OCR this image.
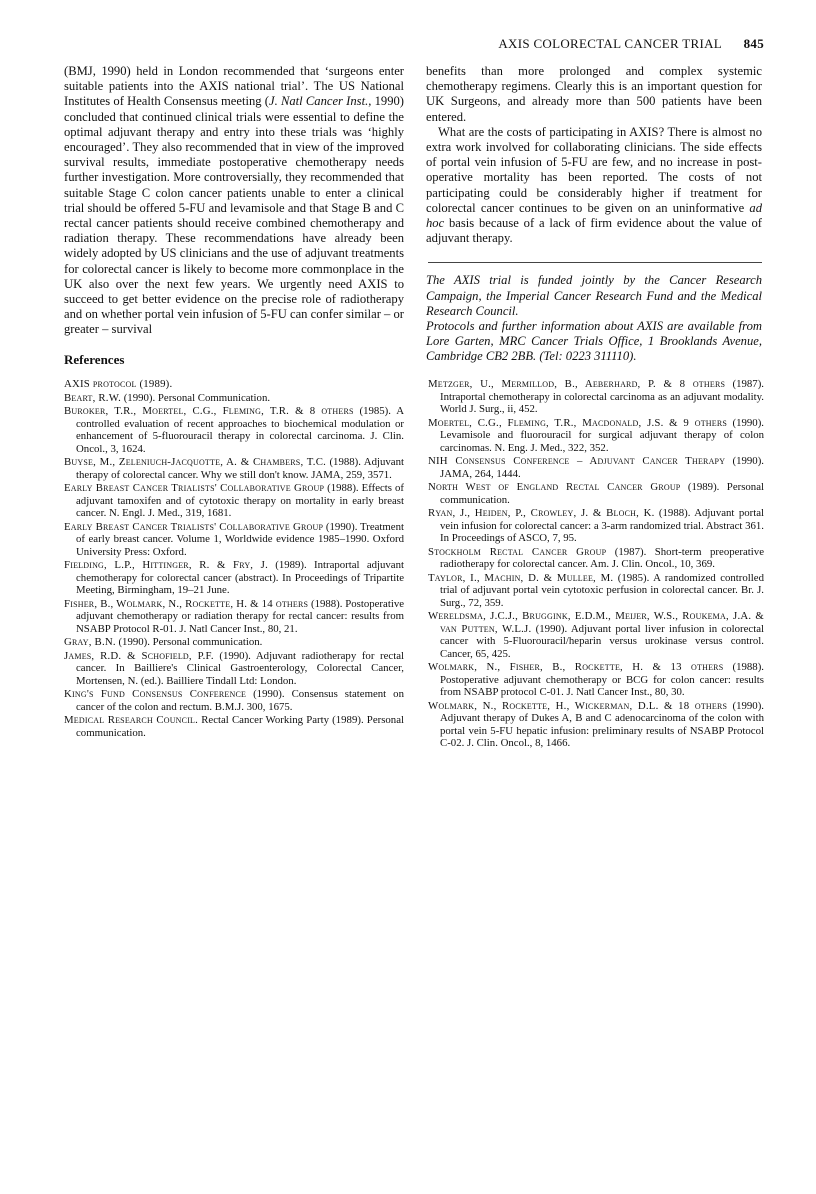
AXIS COLORECTAL CANCER TRIAL 845

(BMJ, 1990) held in London recommended that ‘surgeons enter suitable patients into the AXIS national trial’. The US National Institutes of Health Consensus meeting (J. Natl Cancer Inst., 1990) concluded that continued clinical trials were essential to define the optimal adjuvant therapy and entry into these trials was ‘highly encouraged’. They also recommended that in view of the improved survival results, immediate postoperative chemotherapy needs further investigation. More controversially, they recommended that suitable Stage C colon cancer patients unable to enter a clinical trial should be offered 5-FU and levamisole and that Stage B and C rectal cancer patients should receive combined chemotherapy and radiation therapy. These recommendations have already been widely adopted by US clinicians and the use of adjuvant treatments for colorectal cancer is likely to become more commonplace in the UK also over the next few years. We urgently need AXIS to succeed to get better evidence on the precise role of radiotherapy and on whether portal vein infusion of 5-FU can confer similar – or greater – survival

benefits than more prolonged and complex systemic chemotherapy regimens. Clearly this is an important question for UK Surgeons, and already more than 500 patients have been entered.

What are the costs of participating in AXIS? There is almost no extra work involved for collaborating clinicians. The side effects of portal vein infusion of 5-FU are few, and no increase in post-operative mortality has been reported. The costs of not participating could be considerably higher if treatment for colorectal cancer continues to be given on an uninformative ad hoc basis because of a lack of firm evidence about the value of adjuvant therapy.

The AXIS trial is funded jointly by the Cancer Research Campaign, the Imperial Cancer Research Fund and the Medical Research Council.

Protocols and further information about AXIS are available from Lore Garten, MRC Cancer Trials Office, 1 Brooklands Avenue, Cambridge CB2 2BB. (Tel: 0223 311110).

References
AXIS protocol (1989).
Beart, R.W. (1990). Personal Communication.
Buroker, T.R., Moertel, C.G., Fleming, T.R. & 8 others (1985). A controlled evaluation of recent approaches to biochemical modulation or enhancement of 5-fluorouracil therapy in colorectal carcinoma. J. Clin. Oncol., 3, 1624.
Buyse, M., Zeleniuch-Jacquotte, A. & Chambers, T.C. (1988). Adjuvant therapy of colorectal cancer. Why we still don't know. JAMA, 259, 3571.
Early Breast Cancer Trialists' Collaborative Group (1988). Effects of adjuvant tamoxifen and of cytotoxic therapy on mortality in early breast cancer. N. Engl. J. Med., 319, 1681.
Early Breast Cancer Trialists' Collaborative Group (1990). Treatment of early breast cancer. Volume 1, Worldwide evidence 1985–1990. Oxford University Press: Oxford.
Fielding, L.P., Hittinger, R. & Fry, J. (1989). Intraportal adjuvant chemotherapy for colorectal cancer (abstract). In Proceedings of Tripartite Meeting, Birmingham, 19–21 June.
Fisher, B., Wolmark, N., Rockette, H. & 14 others (1988). Postoperative adjuvant chemotherapy or radiation therapy for rectal cancer: results from NSABP Protocol R-01. J. Natl Cancer Inst., 80, 21.
Gray, B.N. (1990). Personal communication.
James, R.D. & Schofield, P.F. (1990). Adjuvant radiotherapy for rectal cancer. In Bailliere's Clinical Gastroenterology, Colorectal Cancer, Mortensen, N. (ed.). Bailliere Tindall Ltd: London.
King's Fund Consensus Conference (1990). Consensus statement on cancer of the colon and rectum. B.M.J. 300, 1675.
Medical Research Council. Rectal Cancer Working Party (1989). Personal communication.
Metzger, U., Mermillod, B., Aeberhard, P. & 8 others (1987). Intraportal chemotherapy in colorectal carcinoma as an adjuvant modality. World J. Surg., ii, 452.
Moertel, C.G., Fleming, T.R., Macdonald, J.S. & 9 others (1990). Levamisole and fluorouracil for surgical adjuvant therapy of colon carcinomas. N. Eng. J. Med., 322, 352.
NIH Consensus Conference – Adjuvant Cancer Therapy (1990). JAMA, 264, 1444.
North West of England Rectal Cancer Group (1989). Personal communication.
Ryan, J., Heiden, P., Crowley, J. & Bloch, K. (1988). Adjuvant portal vein infusion for colorectal cancer: a 3-arm randomized trial. Abstract 361. In Proceedings of ASCO, 7, 95.
Stockholm Rectal Cancer Group (1987). Short-term preoperative radiotherapy for colorectal cancer. Am. J. Clin. Oncol., 10, 369.
Taylor, I., Machin, D. & Mullee, M. (1985). A randomized controlled trial of adjuvant portal vein cytotoxic perfusion in colorectal cancer. Br. J. Surg., 72, 359.
Wereldsma, J.C.J., Bruggink, E.D.M., Meijer, W.S., Roukema, J.A. & van Putten, W.L.J. (1990). Adjuvant portal liver infusion in colorectal cancer with 5-Fluorouracil/heparin versus urokinase versus control. Cancer, 65, 425.
Wolmark, N., Fisher, B., Rockette, H. & 13 others (1988). Postoperative adjuvant chemotherapy or BCG for colon cancer: results from NSABP protocol C-01. J. Natl Cancer Inst., 80, 30.
Wolmark, N., Rockette, H., Wickerman, D.L. & 18 others (1990). Adjuvant therapy of Dukes A, B and C adenocarcinoma of the colon with portal vein 5-FU hepatic infusion: preliminary results of NSABP Protocol C-02. J. Clin. Oncol., 8, 1466.
